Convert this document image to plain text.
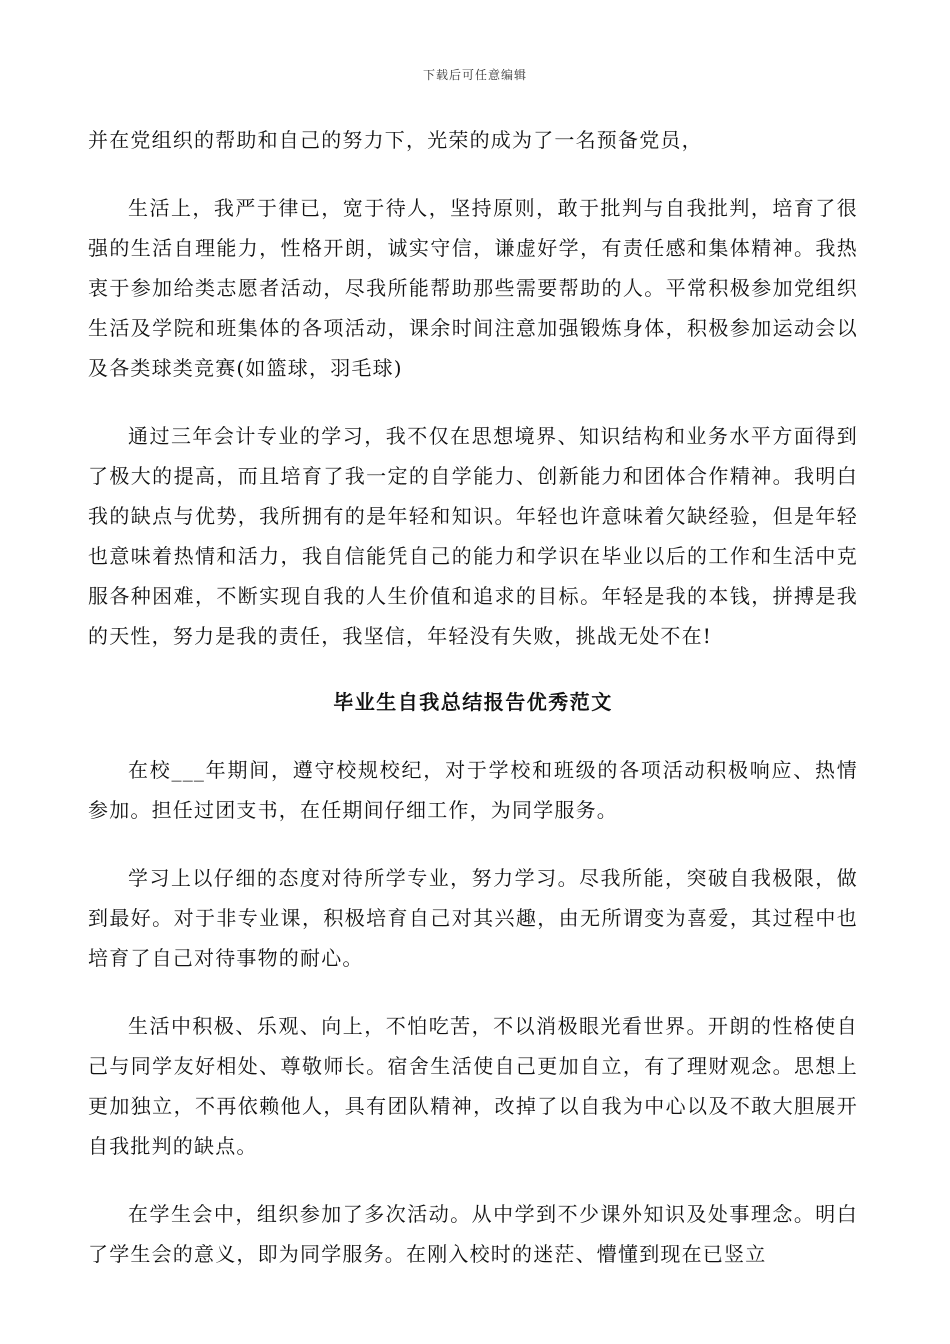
下载后可任意编辑

并在党组织的帮助和自己的努力下，光荣的成为了一名预备党员，

生活上，我严于律已，宽于待人，坚持原则，敢于批判与自我批判，培育了很强的生活自理能力，性格开朗，诚实守信，谦虚好学，有责任感和集体精神。我热衷于参加给类志愿者活动，尽我所能帮助那些需要帮助的人。平常积极参加党组织生活及学院和班集体的各项活动，课余时间注意加强锻炼身体，积极参加运动会以及各类球类竞赛(如篮球，羽毛球)

通过三年会计专业的学习，我不仅在思想境界、知识结构和业务水平方面得到了极大的提高，而且培育了我一定的自学能力、创新能力和团体合作精神。我明白我的缺点与优势，我所拥有的是年轻和知识。年轻也许意味着欠缺经验，但是年轻也意味着热情和活力，我自信能凭自己的能力和学识在毕业以后的工作和生活中克服各种困难，不断实现自我的人生价值和追求的目标。年轻是我的本钱，拼搏是我的天性，努力是我的责任，我坚信，年轻没有失败，挑战无处不在!

毕业生自我总结报告优秀范文

在校___年期间，遵守校规校纪，对于学校和班级的各项活动积极响应、热情参加。担任过团支书，在任期间仔细工作，为同学服务。

学习上以仔细的态度对待所学专业，努力学习。尽我所能，突破自我极限，做到最好。对于非专业课，积极培育自己对其兴趣，由无所谓变为喜爱，其过程中也培育了自己对待事物的耐心。

生活中积极、乐观、向上，不怕吃苦，不以消极眼光看世界。开朗的性格使自己与同学友好相处、尊敬师长。宿舍生活使自己更加自立，有了理财观念。思想上更加独立，不再依赖他人，具有团队精神，改掉了以自我为中心以及不敢大胆展开自我批判的缺点。

在学生会中，组织参加了多次活动。从中学到不少课外知识及处事理念。明白了学生会的意义，即为同学服务。在刚入校时的迷茫、懵懂到现在已竖立
